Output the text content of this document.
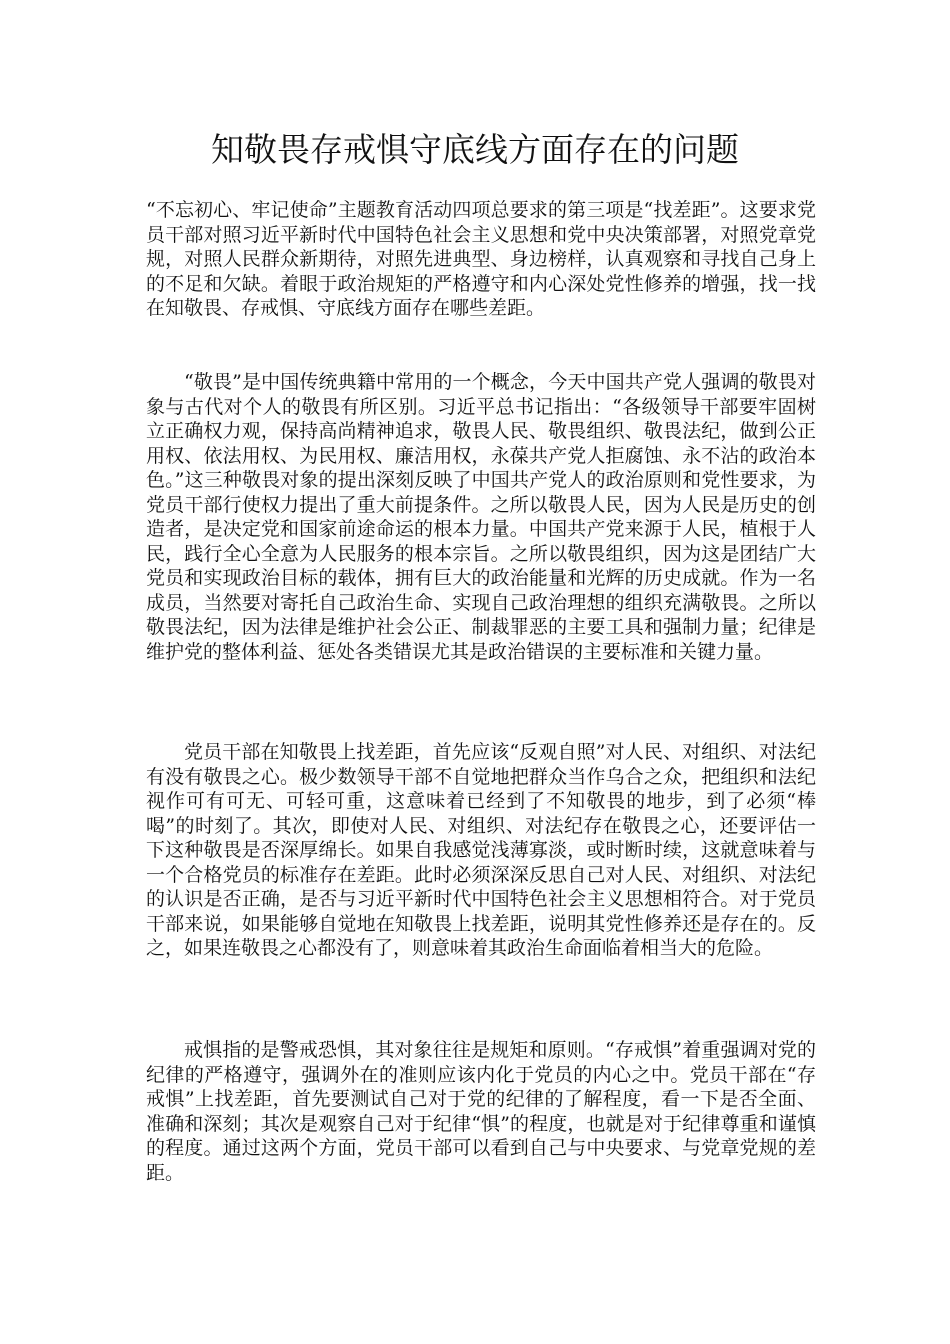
知敬畏存戒惧守底线方面存在的问题

“不忘初心、牢记使命”主题教育活动四项总要求的第三项是“找差距”。这要求党员干部对照习近平新时代中国特色社会主义思想和党中央决策部署，对照党章党规，对照人民群众新期待，对照先进典型、身边榜样，认真观察和寻找自己身上的不足和欠缺。着眼于政治规矩的严格遵守和内心深处党性修养的增强，找一找在知敬畏、存戒惧、守底线方面存在哪些差距。

“敬畏”是中国传统典籍中常用的一个概念，今天中国共产党人强调的敬畏对象与古代对个人的敬畏有所区别。习近平总书记指出：“各级领导干部要牢固树立正确权力观，保持高尚精神追求，敬畏人民、敬畏组织、敬畏法纪，做到公正用权、依法用权、为民用权、廉洁用权，永葆共产党人拒腐蚀、永不沾的政治本色。”这三种敬畏对象的提出深刻反映了中国共产党人的政治原则和党性要求，为党员干部行使权力提出了重大前提条件。之所以敬畏人民，因为人民是历史的创造者，是决定党和国家前途命运的根本力量。中国共产党来源于人民，植根于人民，践行全心全意为人民服务的根本宗旨。之所以敬畏组织，因为这是团结广大党员和实现政治目标的载体，拥有巨大的政治能量和光辉的历史成就。作为一名成员，当然要对寄托自己政治生命、实现自己政治理想的组织充满敬畏。之所以敬畏法纪，因为法律是维护社会公正、制裁罪恶的主要工具和强制力量；纪律是维护党的整体利益、惩处各类错误尤其是政治错误的主要标准和关键力量。

党员干部在知敬畏上找差距，首先应该“反观自照”对人民、对组织、对法纪有没有敬畏之心。极少数领导干部不自觉地把群众当作乌合之众，把组织和法纪视作可有可无、可轻可重，这意味着已经到了不知敬畏的地步，到了必须“棒喝”的时刻了。其次，即使对人民、对组织、对法纪存在敬畏之心，还要评估一下这种敬畏是否深厚绵长。如果自我感觉浅薄寡淡，或时断时续，这就意味着与一个合格党员的标准存在差距。此时必须深深反思自己对人民、对组织、对法纪的认识是否正确，是否与习近平新时代中国特色社会主义思想相符合。对于党员干部来说，如果能够自觉地在知敬畏上找差距，说明其党性修养还是存在的。反之，如果连敬畏之心都没有了，则意味着其政治生命面临着相当大的危险。

戒惧指的是警戒恐惧，其对象往往是规矩和原则。“存戒惧”着重强调对党的纪律的严格遵守，强调外在的准则应该内化于党员的内心之中。党员干部在“存戒惧”上找差距，首先要测试自己对于党的纪律的了解程度，看一下是否全面、准确和深刻；其次是观察自己对于纪律“惧”的程度，也就是对于纪律尊重和谨慎的程度。通过这两个方面，党员干部可以看到自己与中央要求、与党章党规的差距。
